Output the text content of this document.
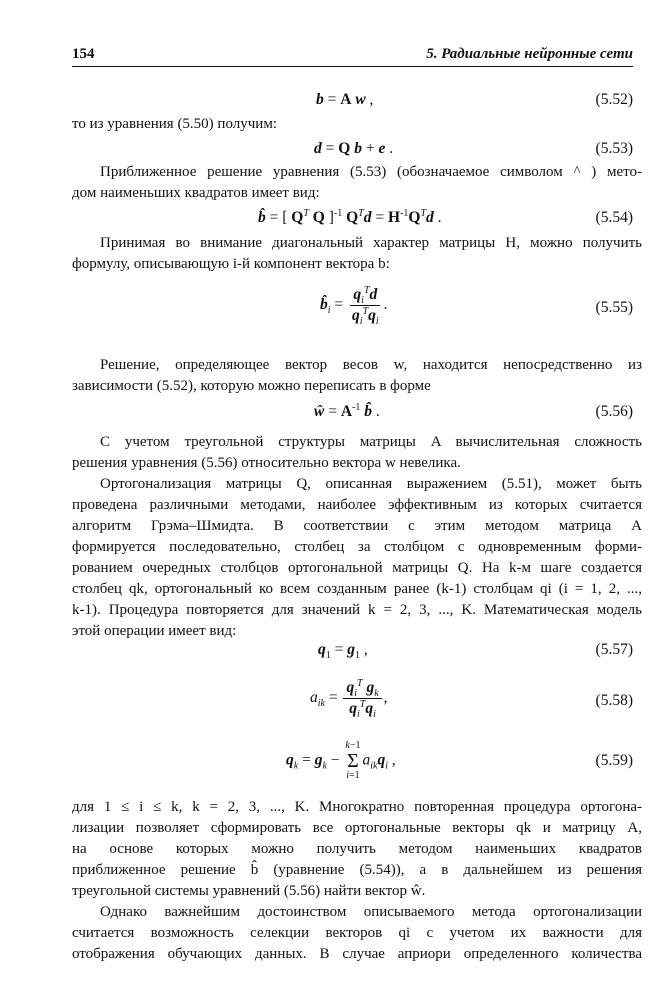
154	5. Радиальные нейронные сети
b = A w ,	(5.52)
то из уравнения (5.50) получим:
d = Q b + e .	(5.53)
Приближенное решение уравнения (5.53) (обозначаемое символом ^ ) мето-
дом наименьших квадратов имеет вид:
b̂ = [ $Q^T$ Q ]$^{-1}$ $Q^Td = H^{-1}Q^Td$ .	(5.54)
Принимая во внимание диагональный характер матрицы H, можно получить
формулу, описывающую i-й компонент вектора b:
$b̂_i = \frac{q_i^Td}{q_i^Tq_i}$ .	(5.55)
Решение, определяющее вектор весов w, находится непосредственно из
зависимости (5.52), которую можно переписать в форме
ŵ = $A^{-1}$ b̂ .	(5.56)
С учетом треугольной структуры матрицы A вычислительная сложность
решения уравнения (5.56) относительно вектора w невелика.
Ортогонализация матрицы Q, описанная выражением (5.51), может быть
проведена различными методами, наиболее эффективным из которых считается
алгоритм Грэма–Шмидта. В соответствии с этим методом матрица A
формируется последовательно, столбец за столбцом с одновременным форми-
рованием очередных столбцов ортогональной матрицы Q. На k-м шаге создается
столбец qk, ортогональный ко всем созданным ранее (k-1) столбцам qi (i = 1, 2, ...,
k-1). Процедура повторяется для значений k = 2, 3, ..., K. Математическая модель
этой операции имеет вид:
$q_1 = g_1$ ,	(5.57)
$a_{ik} = \frac{q_i^T g_k}{q_i^Tq_i}$ ,	(5.58)
$q_k = g_k$ −
k−1
Σ
i=1
$a_{ik}q_i$ ,	(5.59)
для 1 ≤ i ≤ k, k = 2, 3, ..., K. Многократно повторенная процедура ортогона-
лизации позволяет сформировать все ортогональные векторы qk и матрицу A,
на основе которых можно получить методом наименьших квадратов
приближенное решение b̂ (уравнение (5.54)), а в дальнейшем из решения
треугольной системы уравнений (5.56) найти вектор ŵ.
Однако важнейшим достоинством описываемого метода ортогонализации
считается возможность селекции векторов qi с учетом их важности для
отображения обучающих данных. В случае априори определенного количества
